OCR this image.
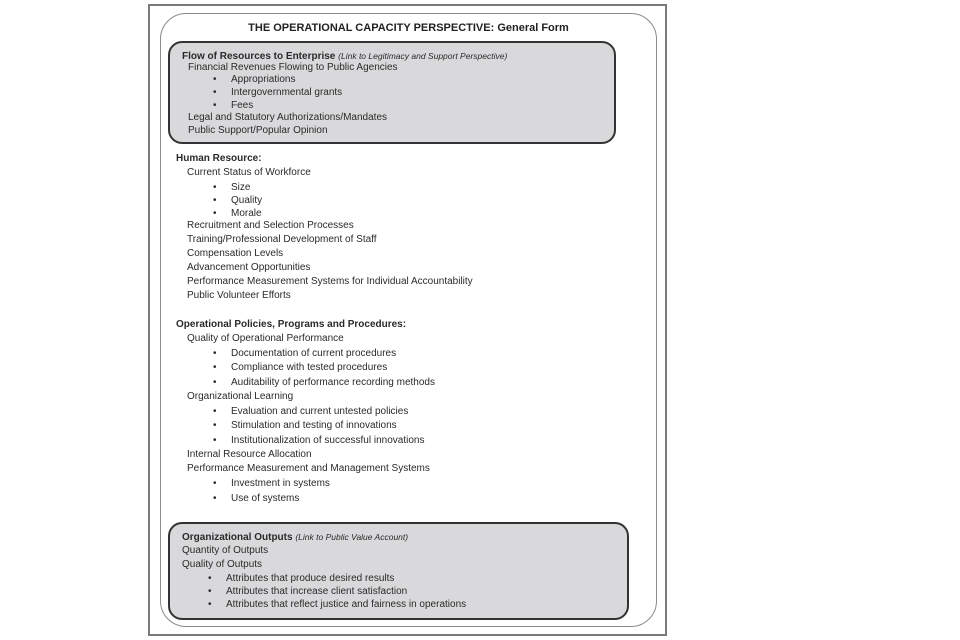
THE OPERATIONAL CAPACITY PERSPECTIVE: General Form
Flow of Resources to Enterprise (Link to Legitimacy and Support Perspective)
Financial Revenues Flowing to Public Agencies
• Appropriations
• Intergovernmental grants
• Fees
Legal and Statutory Authorizations/Mandates
Public Support/Popular Opinion
Human Resource:
Current Status of Workforce
• Size
• Quality
• Morale
Recruitment and Selection Processes
Training/Professional Development of Staff
Compensation Levels
Advancement Opportunities
Performance Measurement Systems for Individual Accountability
Public Volunteer Efforts
Operational Policies, Programs and Procedures:
Quality of Operational Performance
• Documentation of current procedures
• Compliance with tested procedures
• Auditability of performance recording methods
Organizational Learning
• Evaluation and current untested policies
• Stimulation and testing of innovations
• Institutionalization of successful innovations
Internal Resource Allocation
Performance Measurement and Management Systems
• Investment in systems
• Use of systems
Organizational Outputs (Link to Public Value Account)
Quantity of Outputs
Quality of Outputs
• Attributes that produce desired results
• Attributes that increase client satisfaction
• Attributes that reflect justice and fairness in operations
